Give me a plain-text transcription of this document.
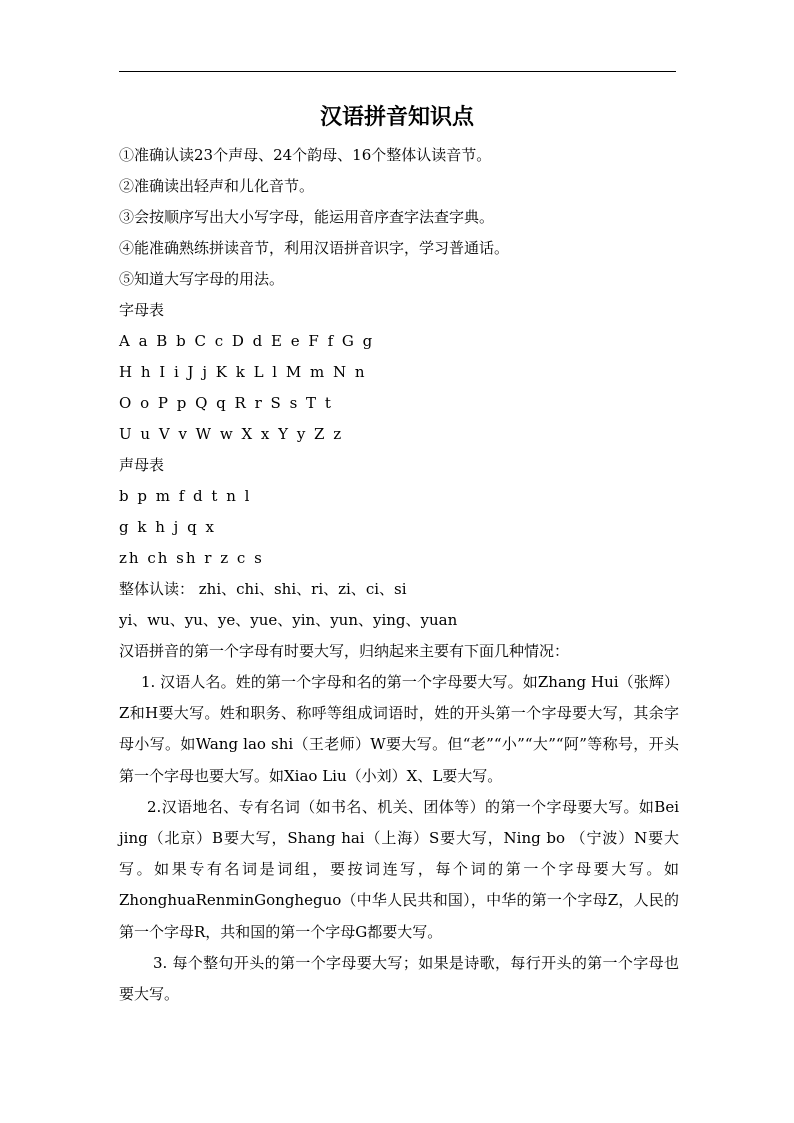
汉语拼音知识点
①准确认读23个声母、24个韵母、16个整体认读音节。
②准确读出轻声和儿化音节。
③会按顺序写出大小写字母，能运用音序查字法查字典。
④能准确熟练拼读音节，利用汉语拼音识字，学习普通话。
⑤知道大写字母的用法。
字母表
A a B b C c D d E e F f G g
H h I i J j K k L l M m N n
O o P p Q q R r S s T t
U u V v W w X x Y y Z z
声母表
b p m f d t n l
g k h j q x
zh ch sh r z c s
整体认读： zhi、chi、shi、ri、zi、ci、si
yi、wu、yu、ye、yue、yin、yun、ying、yuan
汉语拼音的第一个字母有时要大写，归纳起来主要有下面几种情况：

1. 汉语人名。姓的第一个字母和名的第一个字母要大写。如Zhang Hui（张辉）Z和H要大写。姓和职务、称呼等组成词语时，姓的开头第一个字母要大写，其余字母小写。如Wang lao shi（王老师）W要大写。但“老”“小”“大”“阿”等称号，开头第一个字母也要大写。如Xiao Liu（小刘）X、L要大写。

2.汉语地名、专有名词（如书名、机关、团体等）的第一个字母要大写。如Bei jing（北京）B要大写，Shang hai（上海）S要大写，Ning bo （宁波）N要大写。如果专有名词是词组，要按词连写，每个词的第一个字母要大写。如ZhonghuaRenminGongheguo（中华人民共和国），中华的第一个字母Z，人民的第一个字母R，共和国的第一个字母G都要大写。

3. 每个整句开头的第一个字母要大写；如果是诗歌，每行开头的第一个字母也要大写。
